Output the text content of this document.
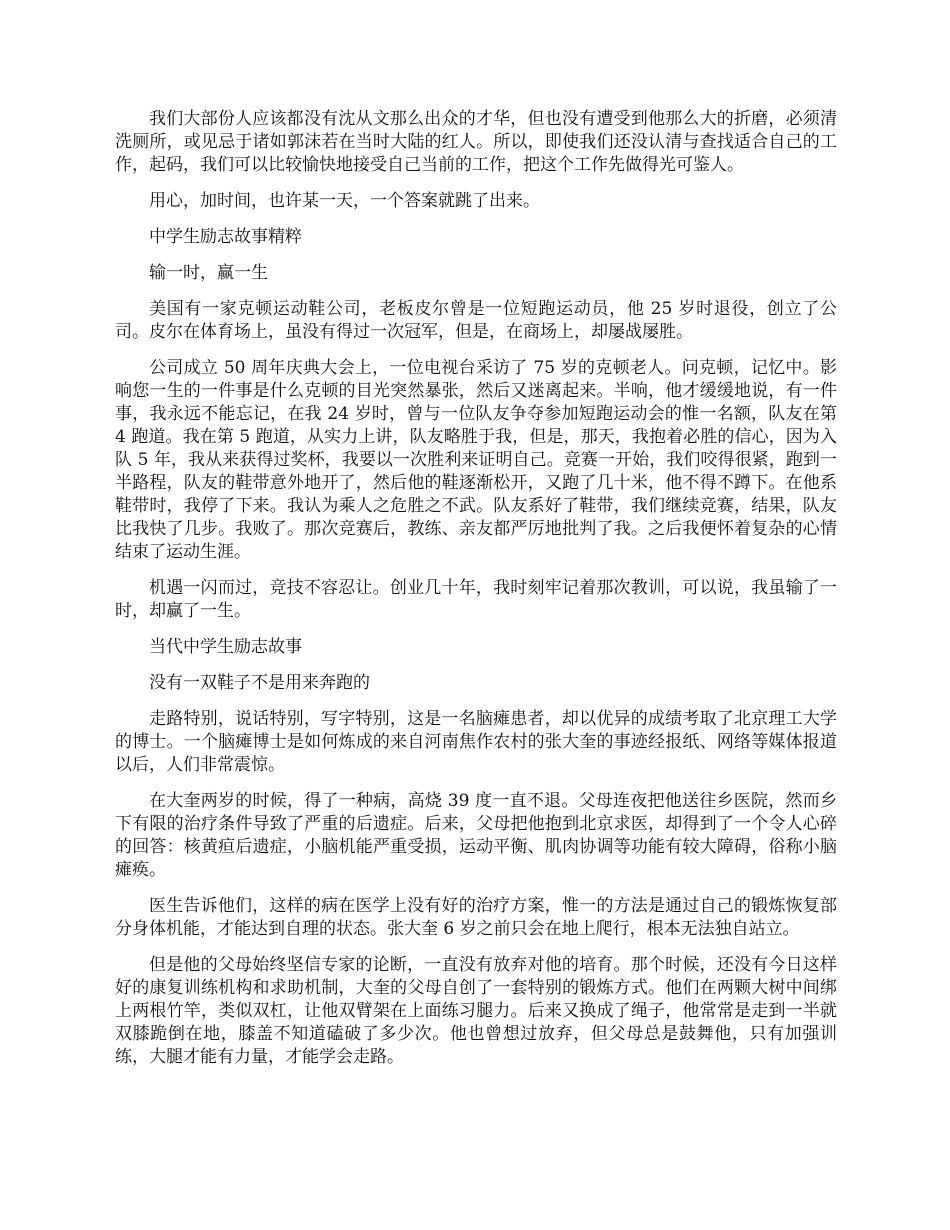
我们大部份人应该都没有沈从文那么出众的才华，但也没有遭受到他那么大的折磨，必须清洗厕所，或见忌于诸如郭沫若在当时大陆的红人。所以，即使我们还没认清与查找适合自己的工作，起码，我们可以比较愉快地接受自己当前的工作，把这个工作先做得光可鉴人。

用心，加时间，也许某一天，一个答案就跳了出来。

中学生励志故事精粹

输一时，赢一生

美国有一家克顿运动鞋公司，老板皮尔曾是一位短跑运动员，他 25 岁时退役，创立了公司。皮尔在体育场上，虽没有得过一次冠军，但是，在商场上，却屡战屡胜。

公司成立 50 周年庆典大会上，一位电视台采访了 75 岁的克顿老人。问克顿，记忆中。影响您一生的一件事是什么克顿的目光突然暴张，然后又迷离起来。半响，他才缓缓地说，有一件事，我永远不能忘记，在我 24 岁时，曾与一位队友争夺参加短跑运动会的惟一名额，队友在第 4 跑道。我在第 5 跑道，从实力上讲，队友略胜于我，但是，那天，我抱着必胜的信心，因为入队 5 年，我从来获得过奖杯，我要以一次胜利来证明自己。竞赛一开始，我们咬得很紧，跑到一半路程，队友的鞋带意外地开了，然后他的鞋逐渐松开，又跑了几十米，他不得不蹲下。在他系鞋带时，我停了下来。我认为乘人之危胜之不武。队友系好了鞋带，我们继续竞赛，结果，队友比我快了几步。我败了。那次竞赛后，教练、亲友都严厉地批判了我。之后我便怀着复杂的心情结束了运动生涯。

机遇一闪而过，竞技不容忍让。创业几十年，我时刻牢记着那次教训，可以说，我虽输了一时，却赢了一生。

当代中学生励志故事

没有一双鞋子不是用来奔跑的

走路特别，说话特别，写字特别，这是一名脑瘫患者，却以优异的成绩考取了北京理工大学的博士。一个脑瘫博士是如何炼成的来自河南焦作农村的张大奎的事迹经报纸、网络等媒体报道以后，人们非常震惊。

在大奎两岁的时候，得了一种病，高烧 39 度一直不退。父母连夜把他送往乡医院，然而乡下有限的治疗条件导致了严重的后遗症。后来，父母把他抱到北京求医，却得到了一个令人心碎的回答：核黄疸后遗症，小脑机能严重受损，运动平衡、肌肉协调等功能有较大障碍，俗称小脑瘫痪。

医生告诉他们，这样的病在医学上没有好的治疗方案，惟一的方法是通过自己的锻炼恢复部分身体机能，才能达到自理的状态。张大奎 6 岁之前只会在地上爬行，根本无法独自站立。

但是他的父母始终坚信专家的论断，一直没有放弃对他的培育。那个时候，还没有今日这样好的康复训练机构和求助机制，大奎的父母自创了一套特别的锻炼方式。他们在两颗大树中间绑上两根竹竿，类似双杠，让他双臂架在上面练习腿力。后来又换成了绳子，他常常是走到一半就双膝跪倒在地，膝盖不知道磕破了多少次。他也曾想过放弃，但父母总是鼓舞他，只有加强训练，大腿才能有力量，才能学会走路。
